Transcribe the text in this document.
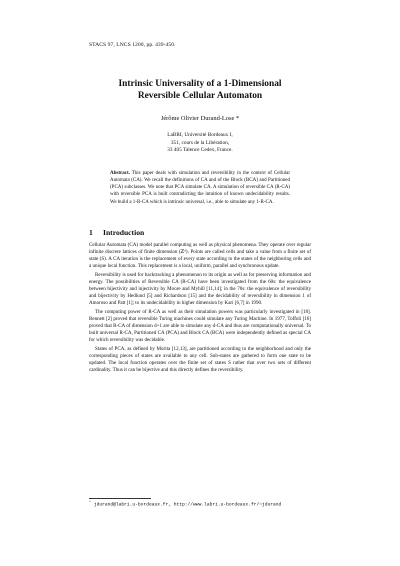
STACS 97, LNCS 1200, pp. 439-450.
Intrinsic Universality of a 1-Dimensional
Reversible Cellular Automaton
Jérôme Olivier Durand-Lose *
LaBRI, Université Bordeaux I,
351, cours de la Libération,
33 405 Talence Cedex, France.
Abstract. This paper deals with simulation and reversibility in the context of Cellular Automata (CA). We recall the definitions of CA and of the Block (BCA) and Partitioned (PCA) subclasses. We note that PCA simulate CA. A simulation of reversible CA (R-CA) with reversible PCA is built contradicting the intuition of known undecidability results. We build a 1-R-CA which is intrinsic universal, i.e., able to simulate any 1-R-CA.
1 Introduction

Cellular Automata (CA) model parallel computing as well as physical phenomena. They operate over regular infinite discrete lattices of finite dimension (ℤᵈ). Points are called cells and take a value from a finite set of state (S). A CA iteration is the replacement of every state according to the states of the neighboring cells and a unique local function. This replacement is a local, uniform, parallel and synchronous update.

Reversibility is used for backtracking a phenomenon to its origin as well as for preserving information and energy. The possibilities of Reversible CA (R-CA) have been investigated from the 60s: the equivalence between bijectivity and injectivity by Moore and Myhill [11,14]; in the 70s: the equivalence of reversibility and bijectivity by Hedlund [5] and Richardson [15] and the decidability of reversibility in dimension 1 of Amoroso and Patt [1]; to its undecidability in higher dimension by Kari [6,7] in 1990.

The computing power of R-CA as well as their simulation powers was particularly investigated in [18]. Bennett [2] proved that reversible Turing machines could simulate any Turing Machine. In 1977, Toffoli [16] proved that R-CA of dimension d+1 are able to simulate any d-CA and thus are computationally universal. To built universal R-CA, Partitioned CA (PCA) and Block CA (BCA) were independently defined as special CA for which reversibility was decidable.

States of PCA, as defined by Morita [12,13], are partitioned according to the neighborhood and only the corresponding pieces of states are available to any cell. Sub-states are gathered to form one state to be updated. The local function operates over the finite set of states S rather that over two sets of different cardinality. Thus it can be bijective and this directly defines the reversibility.

* jdurand@labri.u-bordeaux.fr, http://www.labri.u-bordeaux.fr/~jdurand
